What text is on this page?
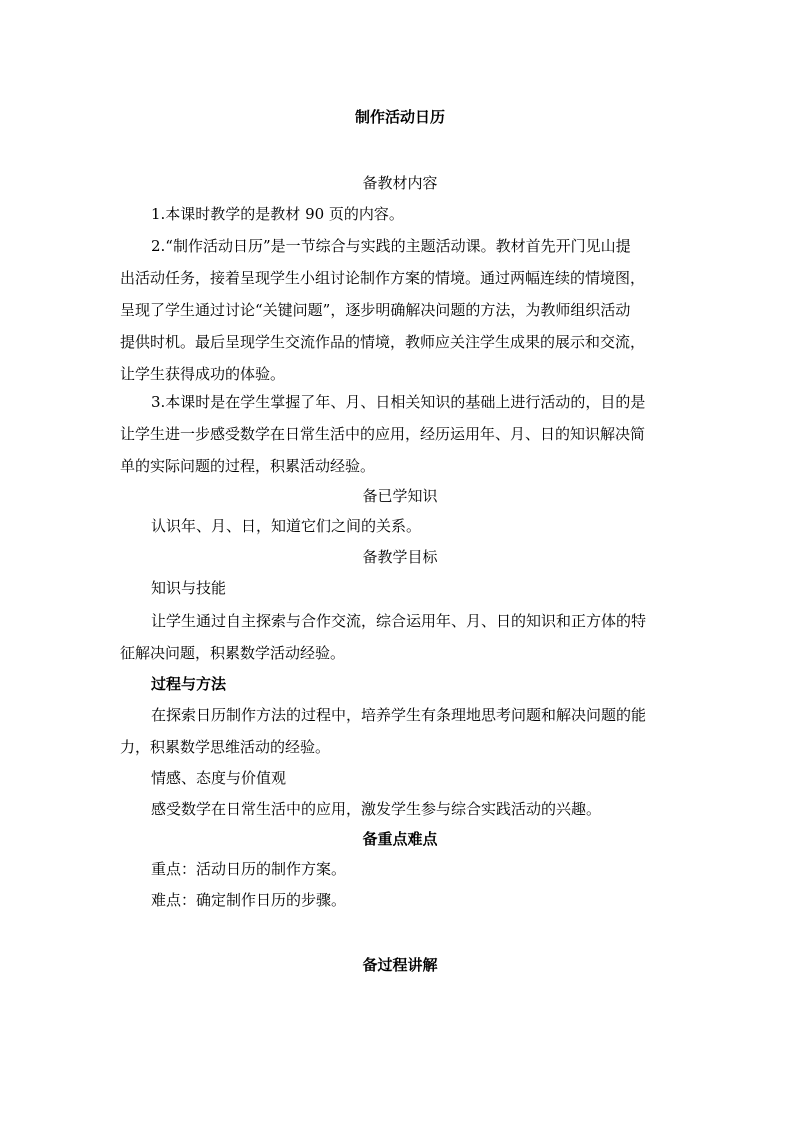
制作活动日历
备教材内容
1.本课时教学的是教材 90 页的内容。
2.“制作活动日历”是一节综合与实践的主题活动课。教材首先开门见山提
出活动任务，接着呈现学生小组讨论制作方案的情境。通过两幅连续的情境图，
呈现了学生通过讨论“关键问题”，逐步明确解决问题的方法，为教师组织活动
提供时机。最后呈现学生交流作品的情境，教师应关注学生成果的展示和交流，
让学生获得成功的体验。
3.本课时是在学生掌握了年、月、日相关知识的基础上进行活动的，目的是
让学生进一步感受数学在日常生活中的应用，经历运用年、月、日的知识解决简
单的实际问题的过程，积累活动经验。
备已学知识
认识年、月、日，知道它们之间的关系。
备教学目标
知识与技能
让学生通过自主探索与合作交流，综合运用年、月、日的知识和正方体的特
征解决问题，积累数学活动经验。
过程与方法
在探索日历制作方法的过程中，培养学生有条理地思考问题和解决问题的能
力，积累数学思维活动的经验。
情感、态度与价值观
感受数学在日常生活中的应用，激发学生参与综合实践活动的兴趣。
备重点难点
重点：活动日历的制作方案。
难点：确定制作日历的步骤。
备过程讲解
